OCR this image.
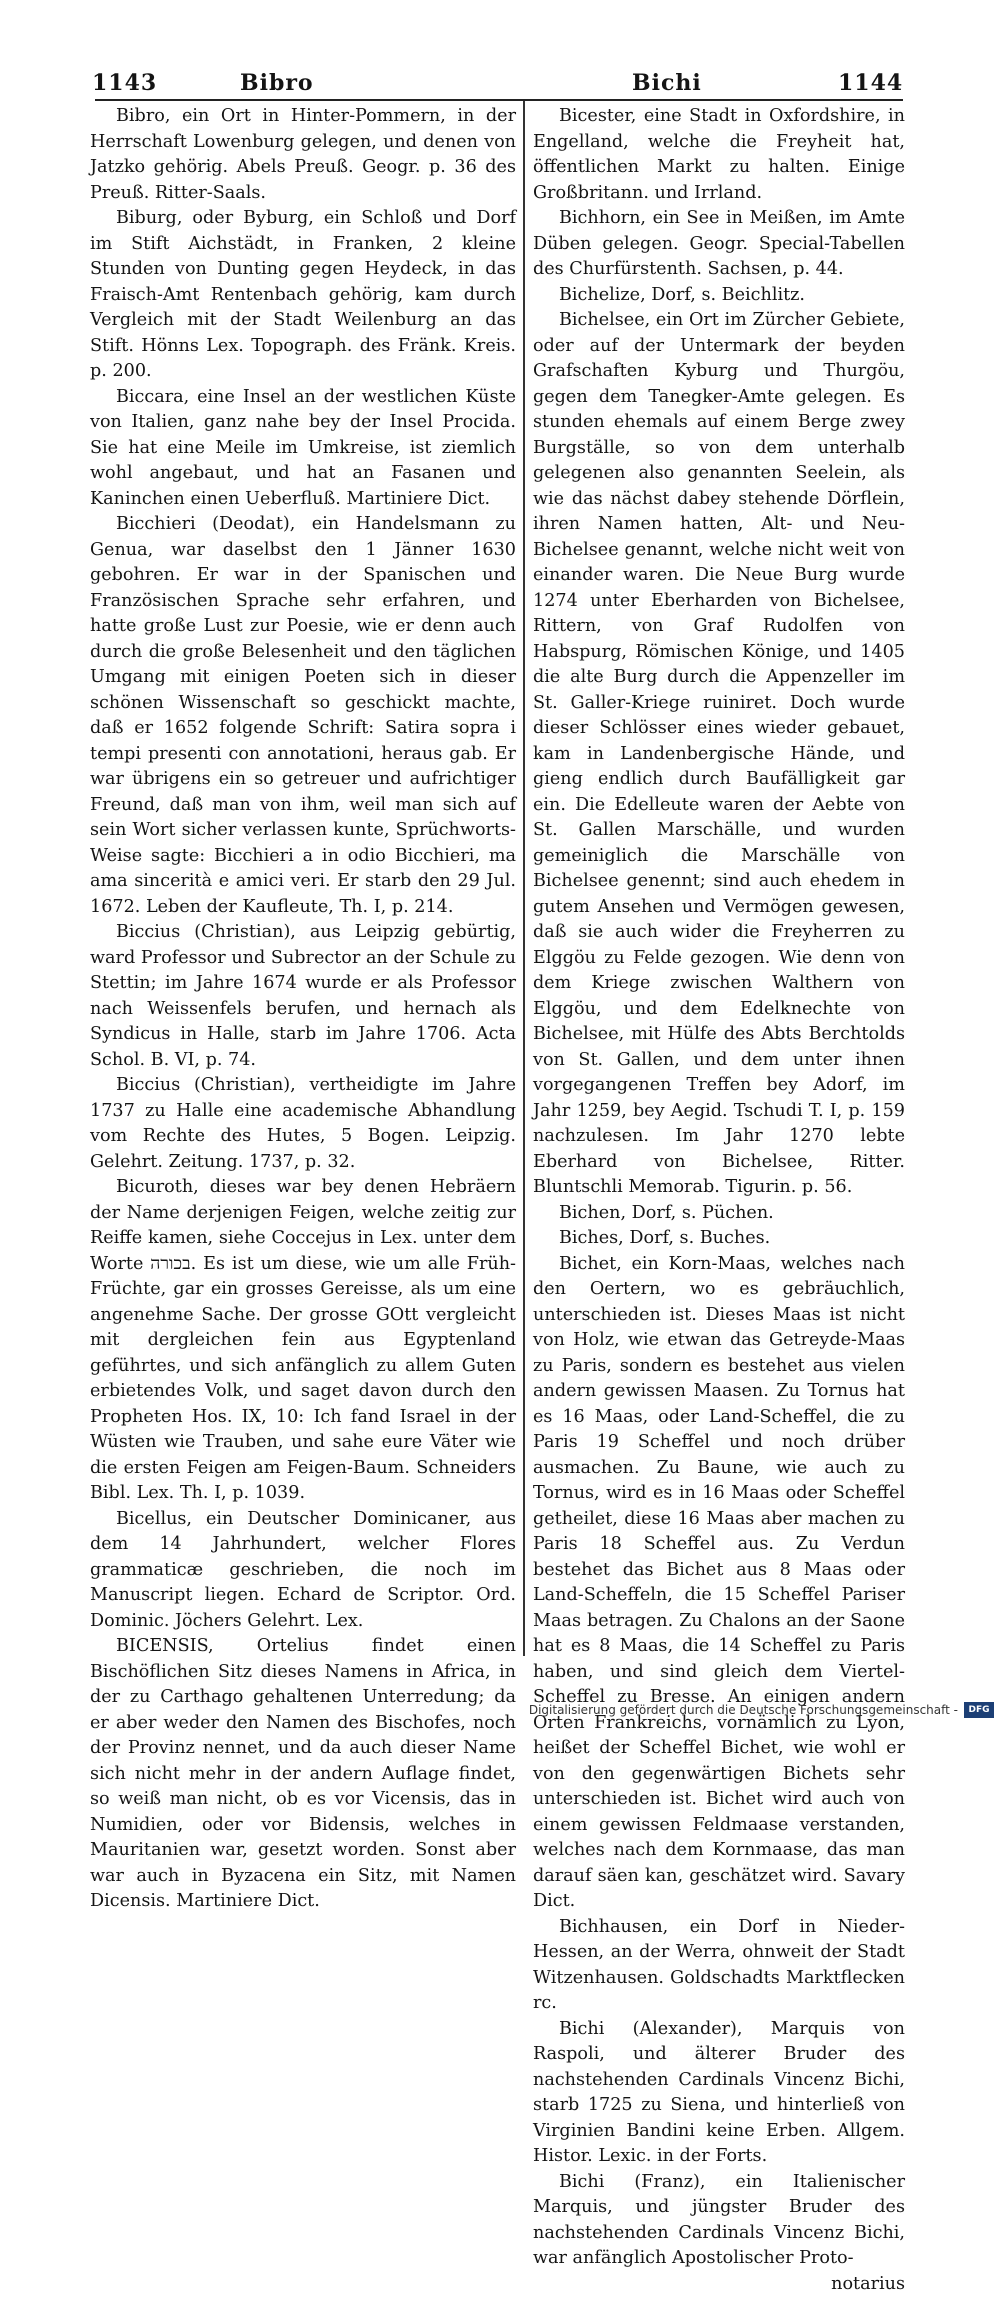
1143	Bibro	Bichi	1144

Bibro, ein Ort in Hinter-Pommern, in der Herrschaft Lowenburg gelegen, und denen von Jatzko gehörig. Abels Preuß. Geogr. p. 36 des Preuß. Ritter-Saals.

Biburg, oder Byburg, ein Schloß und Dorf im Stift Aichstädt, in Franken, 2 kleine Stunden von Dunting gegen Heydeck, in das Fraisch-Amt Rentenbach gehörig, kam durch Vergleich mit der Stadt Weilenburg an das Stift. Hönns Lex. Topograph. des Fränk. Kreis. p. 200.

Biccara, eine Insel an der westlichen Küste von Italien, ganz nahe bey der Insel Procida. Sie hat eine Meile im Umkreise, ist ziemlich wohl angebaut, und hat an Fasanen und Kaninchen einen Ueberfluß. Martiniere Dict.

Bicchieri (Deodat), ein Handelsmann zu Genua, war daselbst den 1 Jänner 1630 gebohren. Er war in der Spanischen und Französischen Sprache sehr erfahren, und hatte große Lust zur Poesie, wie er denn auch durch die große Belesenheit und den täglichen Umgang mit einigen Poeten sich in dieser schönen Wissenschaft so geschickt machte, daß er 1652 folgende Schrift: Satira sopra i tempi presenti con annotationi, heraus gab. Er war übrigens ein so getreuer und aufrichtiger Freund, daß man von ihm, weil man sich auf sein Wort sicher verlassen kunte, Sprüchworts-Weise sagte: Bicchieri a in odio Bicchieri, ma ama sincerità e amici veri. Er starb den 29 Jul. 1672. Leben der Kaufleute, Th. I, p. 214.

Biccius (Christian), aus Leipzig gebürtig, ward Professor und Subrector an der Schule zu Stettin; im Jahre 1674 wurde er als Professor nach Weissenfels berufen, und hernach als Syndicus in Halle, starb im Jahre 1706. Acta Schol. B. VI, p. 74.

Biccius (Christian), vertheidigte im Jahre 1737 zu Halle eine academische Abhandlung vom Rechte des Hutes, 5 Bogen. Leipzig. Gelehrt. Zeitung. 1737, p. 32.

Bicuroth, dieses war bey denen Hebräern der Name derjenigen Feigen, welche zeitig zur Reiffe kamen, siehe Coccejus in Lex. unter dem Worte בכורה. Es ist um diese, wie um alle Früh-Früchte, gar ein grosses Gereisse, als um eine angenehme Sache. Der grosse GOtt vergleicht mit dergleichen fein aus Egyptenland geführtes, und sich anfänglich zu allem Guten erbietendes Volk, und saget davon durch den Propheten Hos. IX, 10: Ich fand Israel in der Wüsten wie Trauben, und sahe eure Väter wie die ersten Feigen am Feigen-Baum. Schneiders Bibl. Lex. Th. I, p. 1039.

Bicellus, ein Deutscher Dominicaner, aus dem 14 Jahrhundert, welcher Flores grammaticæ geschrieben, die noch im Manuscript liegen. Echard de Scriptor. Ord. Dominic. Jöchers Gelehrt. Lex.

BICENSIS, Ortelius findet einen Bischöflichen Sitz dieses Namens in Africa, in der zu Carthago gehaltenen Unterredung; da er aber weder den Namen des Bischofes, noch der Provinz nennet, und da auch dieser Name sich nicht mehr in der andern Auflage findet, so weiß man nicht, ob es vor Vicensis, das in Numidien, oder vor Bidensis, welches in Mauritanien war, gesetzt worden. Sonst aber war auch in Byzacena ein Sitz, mit Namen Dicensis. Martiniere Dict.

Bicester, eine Stadt in Oxfordshire, in Engelland, welche die Freyheit hat, öffentlichen Markt zu halten. Einige Großbritann. und Irrland.

Bichhorn, ein See in Meißen, im Amte Düben gelegen. Geogr. Special-Tabellen des Churfürstenth. Sachsen, p. 44.

Bichelize, Dorf, s. Beichlitz.

Bichelsee, ein Ort im Zürcher Gebiete, oder auf der Untermark der beyden Grafschaften Kyburg und Thurgöu, gegen dem Tanegker-Amte gelegen. Es stunden ehemals auf einem Berge zwey Burgställe, so von dem unterhalb gelegenen also genannten Seelein, als wie das nächst dabey stehende Dörflein, ihren Namen hatten, Alt- und Neu-Bichelsee genannt, welche nicht weit von einander waren. Die Neue Burg wurde 1274 unter Eberharden von Bichelsee, Rittern, von Graf Rudolfen von Habspurg, Römischen Könige, und 1405 die alte Burg durch die Appenzeller im St. Galler-Kriege ruiniret. Doch wurde dieser Schlösser eines wieder gebauet, kam in Landenbergische Hände, und gieng endlich durch Baufälligkeit gar ein. Die Edelleute waren der Aebte von St. Gallen Marschälle, und wurden gemeiniglich die Marschälle von Bichelsee genennt; sind auch ehedem in gutem Ansehen und Vermögen gewesen, daß sie auch wider die Freyherren zu Elggöu zu Felde gezogen. Wie denn von dem Kriege zwischen Walthern von Elggöu, und dem Edelknechte von Bichelsee, mit Hülfe des Abts Berchtolds von St. Gallen, und dem unter ihnen vorgegangenen Treffen bey Adorf, im Jahr 1259, bey Aegid. Tschudi T. I, p. 159 nachzulesen. Im Jahr 1270 lebte Eberhard von Bichelsee, Ritter. Bluntschli Memorab. Tigurin. p. 56.

Bichen, Dorf, s. Püchen.

Biches, Dorf, s. Buches.

Bichet, ein Korn-Maas, welches nach den Oertern, wo es gebräuchlich, unterschieden ist. Dieses Maas ist nicht von Holz, wie etwan das Getreyde-Maas zu Paris, sondern es bestehet aus vielen andern gewissen Maasen. Zu Tornus hat es 16 Maas, oder Land-Scheffel, die zu Paris 19 Scheffel und noch drüber ausmachen. Zu Baune, wie auch zu Tornus, wird es in 16 Maas oder Scheffel getheilet, diese 16 Maas aber machen zu Paris 18 Scheffel aus. Zu Verdun bestehet das Bichet aus 8 Maas oder Land-Scheffeln, die 15 Scheffel Pariser Maas betragen. Zu Chalons an der Saone hat es 8 Maas, die 14 Scheffel zu Paris haben, und sind gleich dem Viertel-Scheffel zu Bresse. An einigen andern Orten Frankreichs, vornämlich zu Lyon, heißet der Scheffel Bichet, wie wohl er von den gegenwärtigen Bichets sehr unterschieden ist. Bichet wird auch von einem gewissen Feldmaase verstanden, welches nach dem Kornmaase, das man darauf säen kan, geschätzet wird. Savary Dict.

Bichhausen, ein Dorf in Nieder-Hessen, an der Werra, ohnweit der Stadt Witzenhausen. Goldschadts Marktflecken rc.

Bichi (Alexander), Marquis von Raspoli, und älterer Bruder des nachstehenden Cardinals Vincenz Bichi, starb 1725 zu Siena, und hinterließ von Virginien Bandini keine Erben. Allgem. Histor. Lexic. in der Forts.

Bichi (Franz), ein Italienischer Marquis, und jüngster Bruder des nachstehenden Cardinals Vincenz Bichi, war anfänglich Apostolischer Proto-

notarius

Digitalisierung gefördert durch die Deutsche Forschungsgemeinschaft -	DFG
